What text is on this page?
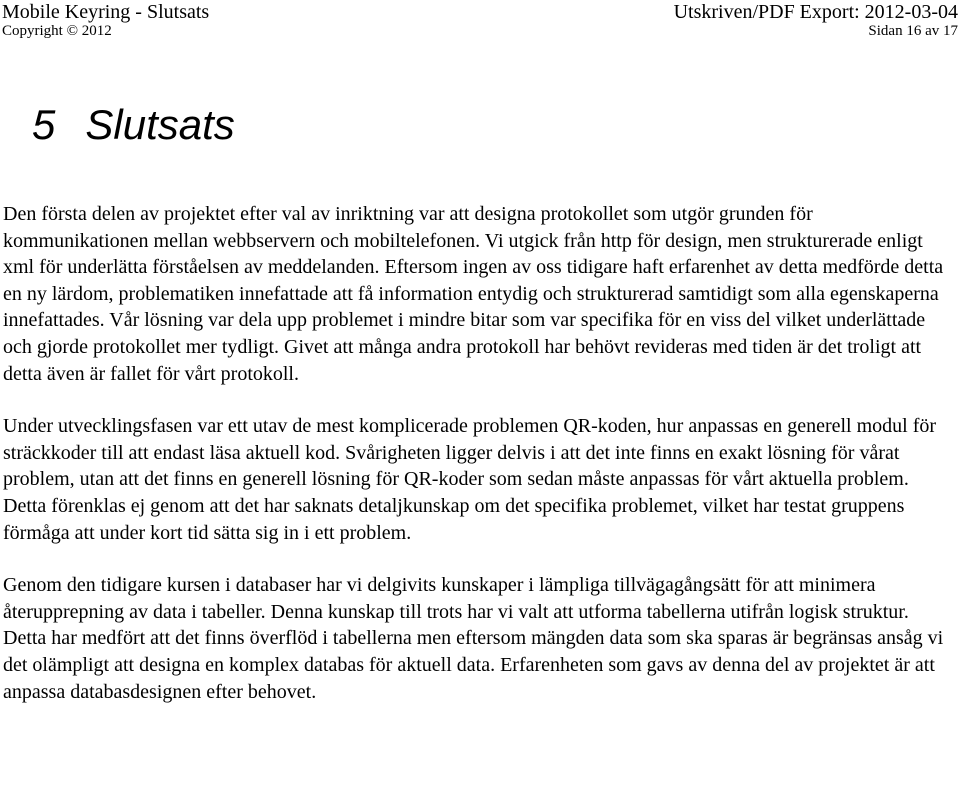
Mobile Keyring - Slutsats	Utskriven/PDF Export: 2012-03-04
Copyright © 2012	Sidan 16 av 17
5 Slutsats

Den första delen av projektet efter val av inriktning var att designa protokollet som utgör grunden för kommunikationen mellan webbservern och mobiltelefonen. Vi utgick från http för design, men strukturerade enligt xml för underlätta förståelsen av meddelanden. Eftersom ingen av oss tidigare haft erfarenhet av detta medförde detta en ny lärdom, problematiken innefattade att få information entydig och strukturerad samtidigt som alla egenskaperna innefattades. Vår lösning var dela upp problemet i mindre bitar som var specifika för en viss del vilket underlättade och gjorde protokollet mer tydligt. Givet att många andra protokoll har behövt revideras med tiden är det troligt att detta även är fallet för vårt protokoll.

Under utvecklingsfasen var ett utav de mest komplicerade problemen QR-koden, hur anpassas en generell modul för sträckkoder till att endast läsa aktuell kod. Svårigheten ligger delvis i att det inte finns en exakt lösning för vårat problem, utan att det finns en generell lösning för QR-koder som sedan måste anpassas för vårt aktuella problem. Detta förenklas ej genom att det har saknats detaljkunskap om det specifika problemet, vilket har testat gruppens förmåga att under kort tid sätta sig in i ett problem.

Genom den tidigare kursen i databaser har vi delgivits kunskaper i lämpliga tillvägagångsätt för att minimera återupprepning av data i tabeller. Denna kunskap till trots har vi valt att utforma tabellerna utifrån logisk struktur. Detta har medfört att det finns överflöd i tabellerna men eftersom mängden data som ska sparas är begränsas ansåg vi det olämpligt att designa en komplex databas för aktuell data. Erfarenheten som gavs av denna del av projektet är att anpassa databasdesignen efter behovet.
